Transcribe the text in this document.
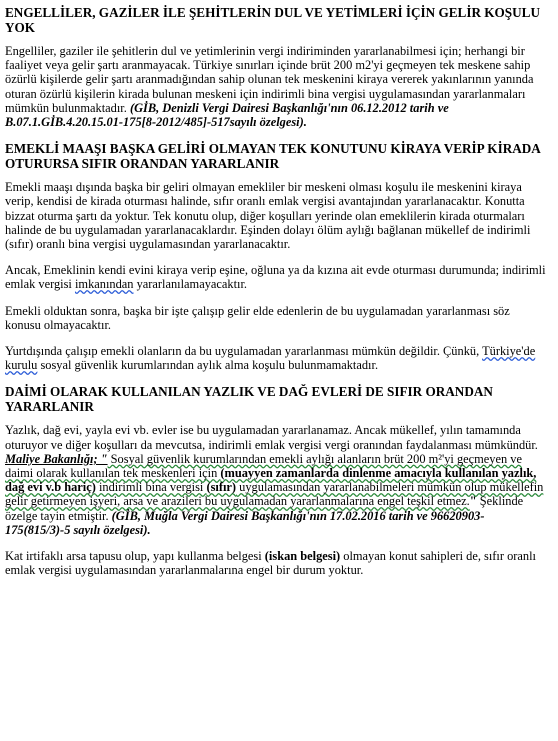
ENGELLİLER, GAZİLER İLE ŞEHİTLERİN DUL VE YETİMLERİ İÇİN GELİR KOŞULU YOK

Engelliler, gaziler ile şehitlerin dul ve yetimlerinin vergi indiriminden yararlanabilmesi için; herhangi bir faaliyet veya gelir şartı aranmayacak. Türkiye sınırları içinde brüt 200 m2'yi geçmeyen tek meskene sahip özürlü kişilerde gelir şartı aranmadığından sahip olunan tek meskenini kiraya vererek yakınlarının yanında oturan özürlü kişilerin kirada bulunan meskeni için indirimli bina vergisi uygulamasından yararlanmaları mümkün bulunmaktadır. (GİB, Denizli Vergi Dairesi Başkanlığı'nın 06.12.2012 tarih ve B.07.1.GİB.4.20.15.01-175[8-2012/485]-517sayılı özelgesi).

EMEKLİ MAAŞI BAŞKA GELİRİ OLMAYAN TEK KONUTUNU KİRAYA VERİP KİRADA OTURURSA SIFIR ORANDAN YARARLANIR

Emekli maaşı dışında başka bir geliri olmayan emekliler bir meskeni olması koşulu ile meskenini kiraya verip, kendisi de kirada oturması halinde, sıfır oranlı emlak vergisi avantajından yararlanacaktır. Konutta bizzat oturma şartı da yoktur. Tek konutu olup, diğer koşulları yerinde olan emeklilerin kirada oturmaları halinde de bu uygulamadan yararlanacaklardır. Eşinden dolayı ölüm aylığı bağlanan mükellef de indirimli (sıfır) oranlı bina vergisi uygulamasından yararlanacaktır.

Ancak, Emeklinin kendi evini kiraya verip eşine, oğluna ya da kızına ait evde oturması durumunda; indirimli emlak vergisi imkanından yararlanılamayacaktır.

Emekli olduktan sonra, başka bir işte çalışıp gelir elde edenlerin de bu uygulamadan yararlanması söz konusu olmayacaktır.

Yurtdışında çalışıp emekli olanların da bu uygulamadan yararlanması mümkün değildir. Çünkü, Türkiye'de kurulu sosyal güvenlik kurumlarından aylık alma koşulu bulunmamaktadır.

DAİMİ OLARAK KULLANILAN YAZLIK VE DAĞ EVLERİ DE SIFIR ORANDAN YARARLANIR

Yazlık, dağ evi, yayla evi vb. evler ise bu uygulamadan yararlanamaz. Ancak mükellef, yılın tamamında oturuyor ve diğer koşulları da mevcutsa, indirimli emlak vergisi vergi oranından faydalanması mümkündür. Maliye Bakanlığı; " Sosyal güvenlik kurumlarından emekli aylığı alanların brüt 200 m²'yi geçmeyen ve daimi olarak kullanılan tek meskenleri için (muayyen zamanlarda dinlenme amacıyla kullanılan yazlık, dağ evi v.b hariç) indirimli bina vergisi (sıfır) uygulamasından yararlanabilmeleri mümkün olup mükellefin gelir getirmeyen işyeri, arsa ve arazileri bu uygulamadan yararlanmalarına engel teşkil etmez." Şeklinde özelge tayin etmiştir. (GİB, Muğla Vergi Dairesi Başkanlığı'nın 17.02.2016 tarih ve 96620903-175(815/3)-5 sayılı özelgesi).

Kat irtifaklı arsa tapusu olup, yapı kullanma belgesi (iskan belgesi) olmayan konut sahipleri de, sıfır oranlı emlak vergisi uygulamasından yararlanmalarına engel bir durum yoktur.
